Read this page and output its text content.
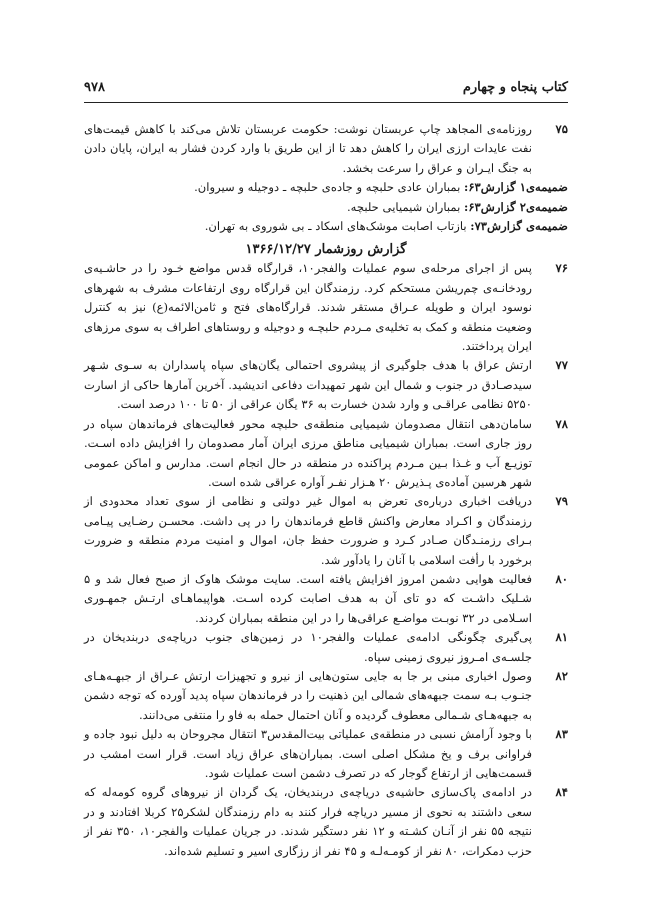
کتاب پنجاه و چهارم
۹۷۸

۷۵
روزنامه‌ی المجاهد چاپ عربستان نوشت: حکومت عربستان تلاش می‌کند با کاهش قیمت‌های نفت عایدات ارزی ایران را کاهش دهد تا از این طریق با وارد کردن فشار به ایران، پایان دادن به جنگ ایـران و عراق را سرعت بخشد.

ضمیمه‌ی۱ گزارش۶۳: بمباران عادی حلبچه و جاده‌ی حلبچه ـ دوجیله و سیروان.

ضمیمه‌ی۲ گزارش۶۳: بمباران شیمیایی حلبچه.

ضمیمه‌ی گزارش۷۳: بازتاب اصابت موشک‌های اسکاد ـ بی شوروی به تهران.

گزارش روزشمار ۱۳۶۶/۱۲/۲۷

۷۶
پس از اجرای مرحله‌ی سوم عملیات والفجر۱۰، قرارگاه قدس مواضع خـود را در حاشـیه‌ی رودخانـه‌ی چم‌ریشن مستحکم کرد. رزمندگان این قرارگاه روی ارتفاعات مشرف به شهرهای نوسود ایران و طویله عـراق مستقر شدند. قرارگاه‌های فتح و ثامن‌الائمه(ع) نیز به کنترل وضعیت منطقه و کمک به تخلیه‌ی مـردم حلبچـه و دوجیله و روستاهای اطراف به سوی مرزهای ایران پرداختند.

۷۷
ارتش عراق با هدف جلوگیری از پیشروی احتمالی یگان‌های سپاه پاسداران به سـوی شـهر سیدصـادق در جنوب و شمال این شهر تمهیدات دفاعی اندیشید. آخرین آمارها حاکی از اسارت ۵۲۵۰ نظامی عراقـی و وارد شدن خسارت به ۳۶ یگان عراقی از ۵۰ تا ۱۰۰ درصد است.

۷۸
سامان‌دهی انتقال مصدومان شیمیایی منطقه‌ی حلبچه محور فعالیت‌های فرماندهان سپاه در روز جاری است. بمباران شیمیایی مناطق مرزی ایران آمار مصدومان را افزایش داده اسـت. توزیـع آب و غـذا بـین مـردم پراکنده در منطقه در حال انجام است. مدارس و اماکن عمومی شهر هرسین آماده‌ی پـذیرش ۲۰ هـزار نفـر آواره عراقی شده است.

۷۹
دریافت اخباری درباره‌ی تعرض به اموال غیر دولتی و نظامی از سوی تعداد محدودی از رزمندگان و اکـراد معارض واکنش قاطع فرماندهان را در پی داشت. محسـن رضـایی پیـامی بـرای رزمنـدگان صـادر کـرد و ضرورت حفظ جان، اموال و امنیت مردم منطقه و ضرورت برخورد با رأفت اسلامی با آنان را یادآور شد.

۸۰
فعالیت هوایی دشمن امروز افزایش یافته است. سایت موشک هاوک از صبح فعال شد و ۵ شـلیک داشـت که دو تای آن به هدف اصابت کرده اسـت. هواپیماهـای ارتـش جمهـوری اسـلامی در ۳۲ نوبـت مواضـع عراقی‌ها را در این منطقه بمباران کردند.

۸۱
پی‌گیری چگونگی ادامه‌ی عملیات والفجر۱۰ در زمین‌های جنوب دریاچه‌ی دربندیخان در جلسـه‌ی امـروز نیروی زمینی سپاه.

۸۲
وصول اخباری مبنی بر جا به جایی ستون‌هایی از نیرو و تجهیزات ارتش عـراق از جبهـه‌هـای جنـوب بـه سمت جبهه‌های شمالی این ذهنیت را در فرماندهان سپاه پدید آورده که توجه دشمن به جبهه‌هـای شـمالی معطوف گردیده و آنان احتمال حمله به فاو را منتفی می‌دانند.

۸۳
با وجود آرامش نسبی در منطقه‌ی عملیاتی بیت‌المقدس۳ انتقال مجروحان به دلیل نبود جاده و فراوانی برف و یخ مشکل اصلی است. بمباران‌های عراق زیاد است. قرار است امشب در قسمت‌هایی از ارتفاع گوجار که در تصرف دشمن است عملیات شود.

۸۴
در ادامه‌ی پاک‌سازی حاشیه‌ی دریاچه‌ی دربندیخان، یک گردان از نیروهای گروه کومه‌له که سعی داشتند به نحوی از مسیر دریاچه فرار کنند به دام رزمندگان لشکر۲۵ کربلا افتادند و در نتیجه ۵۵ نفر از آنـان کشـته و ۱۲ نفر دستگیر شدند. در جریان عملیات والفجر۱۰، ۳۵۰ نفر از حزب دمکرات، ۸۰ نفر از کومـه‌لـه و ۴۵ نفر از رزگاری اسیر و تسلیم شده‌اند.
